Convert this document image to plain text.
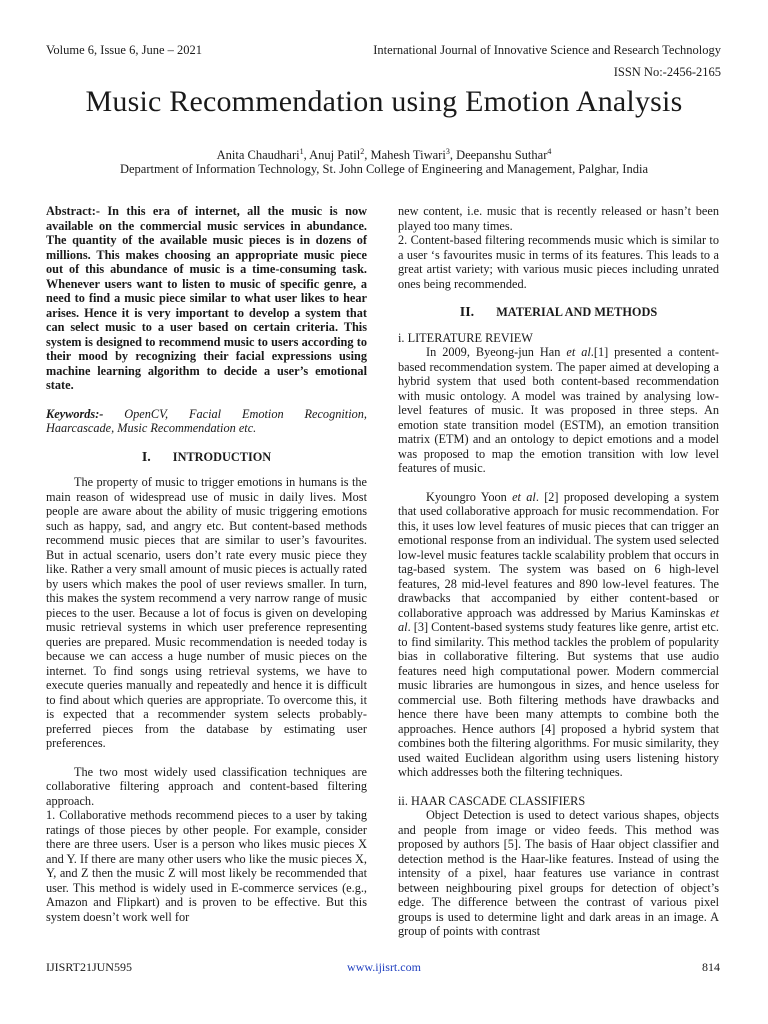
Volume 6, Issue 6, June – 2021	International Journal of Innovative Science and Research Technology
ISSN No:-2456-2165
Music Recommendation using Emotion Analysis
Anita Chaudhari$^1$, Anuj Patil$^2$, Mahesh Tiwari$^3$, Deepanshu Suthar$^4$
Department of Information Technology, St. John College of Engineering and Management, Palghar, India

Abstract:- In this era of internet, all the music is now available on the commercial music services in abundance. The quantity of the available music pieces is in dozens of millions. This makes choosing an appropriate music piece out of this abundance of music is a time-consuming task. Whenever users want to listen to music of specific genre, a need to find a music piece similar to what user likes to hear arises. Hence it is very important to develop a system that can select music to a user based on certain criteria. This system is designed to recommend music to users according to their mood by recognizing their facial expressions using machine learning algorithm to decide a user’s emotional state.

Keywords:- OpenCV, Facial Emotion Recognition, Haarcascade, Music Recommendation etc.

I. INTRODUCTION

The property of music to trigger emotions in humans is the main reason of widespread use of music in daily lives. Most people are aware about the ability of music triggering emotions such as happy, sad, and angry etc. But content-based methods recommend music pieces that are similar to user’s favourites. But in actual scenario, users don’t rate every music piece they like. Rather a very small amount of music pieces is actually rated by users which makes the pool of user reviews smaller. In turn, this makes the system recommend a very narrow range of music pieces to the user. Because a lot of focus is given on developing music retrieval systems in which user preference representing queries are prepared. Music recommendation is needed today is because we can access a huge number of music pieces on the internet. To find songs using retrieval systems, we have to execute queries manually and repeatedly and hence it is difficult to find about which queries are appropriate. To overcome this, it is expected that a recommender system selects probably-preferred pieces from the database by estimating user preferences.

The two most widely used classification techniques are collaborative filtering approach and content-based filtering approach.

1. Collaborative methods recommend pieces to a user by taking ratings of those pieces by other people. For example, consider there are three users. User is a person who likes music pieces X and Y. If there are many other users who like the music pieces X, Y, and Z then the music Z will most likely be recommended that user. This method is widely used in E-commerce services (e.g., Amazon and Flipkart) and is proven to be effective. But this system doesn’t work well for

new content, i.e. music that is recently released or hasn’t been played too many times.

2. Content-based filtering recommends music which is similar to a user ‘s favourites music in terms of its features. This leads to a great artist variety; with various music pieces including unrated ones being recommended.

II. MATERIAL AND METHODS

i. LITERATURE REVIEW

In 2009, Byeong-jun Han et al.[1] presented a content-based recommendation system. The paper aimed at developing a hybrid system that used both content-based recommendation with music ontology. A model was trained by analysing low-level features of music. It was proposed in three steps. An emotion state transition model (ESTM), an emotion transition matrix (ETM) and an ontology to depict emotions and a model was proposed to map the emotion transition with low level features of music.

Kyoungro Yoon et al. [2] proposed developing a system that used collaborative approach for music recommendation. For this, it uses low level features of music pieces that can trigger an emotional response from an individual. The system used selected low-level music features tackle scalability problem that occurs in tag-based system. The system was based on 6 high-level features, 28 mid-level features and 890 low-level features. The drawbacks that accompanied by either content-based or collaborative approach was addressed by Marius Kaminskas et al. [3] Content-based systems study features like genre, artist etc. to find similarity. This method tackles the problem of popularity bias in collaborative filtering. But systems that use audio features need high computational power. Modern commercial music libraries are humongous in sizes, and hence useless for commercial use. Both filtering methods have drawbacks and hence there have been many attempts to combine both the approaches. Hence authors [4] proposed a hybrid system that combines both the filtering algorithms. For music similarity, they used waited Euclidean algorithm using users listening history which addresses both the filtering techniques.

ii. HAAR CASCADE CLASSIFIERS

Object Detection is used to detect various shapes, objects and people from image or video feeds. This method was proposed by authors [5]. The basis of Haar object classifier and detection method is the Haar-like features. Instead of using the intensity of a pixel, haar features use variance in contrast between neighbouring pixel groups for detection of object’s edge. The difference between the contrast of various pixel groups is used to determine light and dark areas in an image. A group of points with contrast

IJISRT21JUN595	www.ijisrt.com	814
